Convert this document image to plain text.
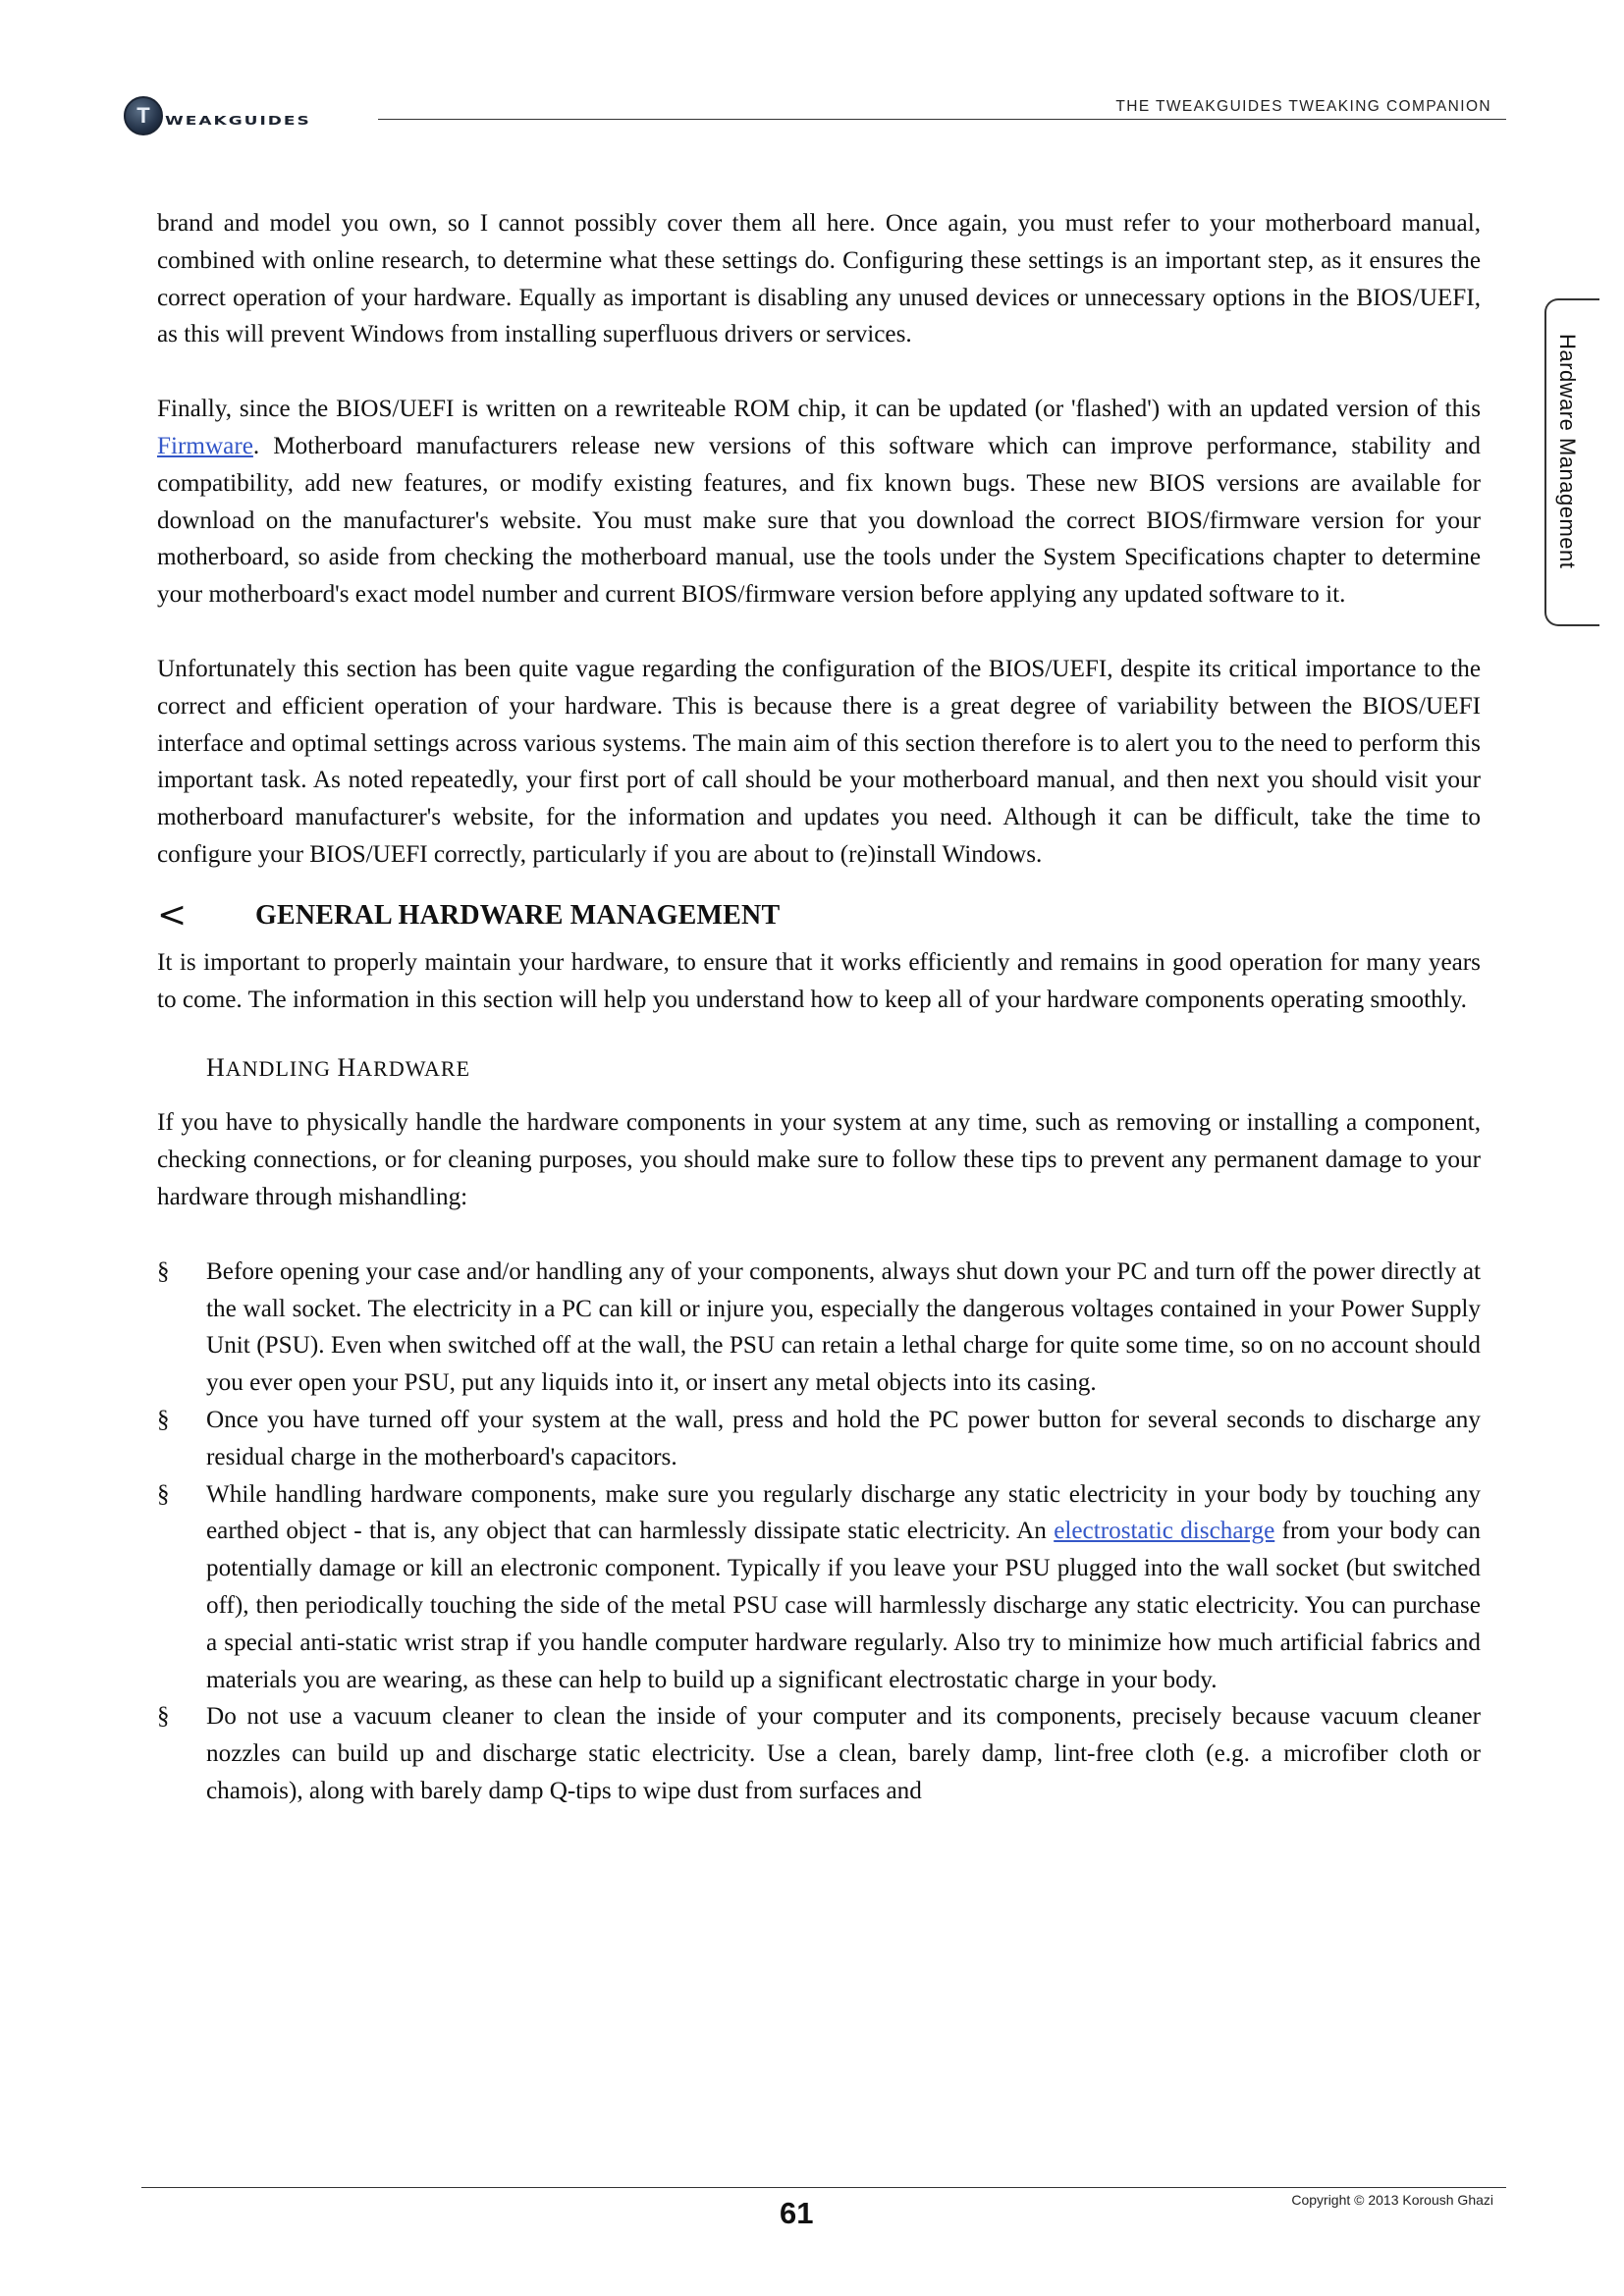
T WEAKGUIDES
THE TWEAKGUIDES TWEAKING COMPANION
Hardware Management

brand and model you own, so I cannot possibly cover them all here. Once again, you must refer to your motherboard manual, combined with online research, to determine what these settings do. Configuring these settings is an important step, as it ensures the correct operation of your hardware. Equally as important is disabling any unused devices or unnecessary options in the BIOS/UEFI, as this will prevent Windows from installing superfluous drivers or services.

Finally, since the BIOS/UEFI is written on a rewriteable ROM chip, it can be updated (or 'flashed') with an updated version of this Firmware. Motherboard manufacturers release new versions of this software which can improve performance, stability and compatibility, add new features, or modify existing features, and fix known bugs. These new BIOS versions are available for download on the manufacturer's website. You must make sure that you download the correct BIOS/firmware version for your motherboard, so aside from checking the motherboard manual, use the tools under the System Specifications chapter to determine your motherboard's exact model number and current BIOS/firmware version before applying any updated software to it.

Unfortunately this section has been quite vague regarding the configuration of the BIOS/UEFI, despite its critical importance to the correct and efficient operation of your hardware. This is because there is a great degree of variability between the BIOS/UEFI interface and optimal settings across various systems. The main aim of this section therefore is to alert you to the need to perform this important task. As noted repeatedly, your first port of call should be your motherboard manual, and then next you should visit your motherboard manufacturer's website, for the information and updates you need. Although it can be difficult, take the time to configure your BIOS/UEFI correctly, particularly if you are about to (re)install Windows.

<	GENERAL HARDWARE MANAGEMENT

It is important to properly maintain your hardware, to ensure that it works efficiently and remains in good operation for many years to come. The information in this section will help you understand how to keep all of your hardware components operating smoothly.

HANDLING HARDWARE

If you have to physically handle the hardware components in your system at any time, such as removing or installing a component, checking connections, or for cleaning purposes, you should make sure to follow these tips to prevent any permanent damage to your hardware through mishandling:

§ Before opening your case and/or handling any of your components, always shut down your PC and turn off the power directly at the wall socket. The electricity in a PC can kill or injure you, especially the dangerous voltages contained in your Power Supply Unit (PSU). Even when switched off at the wall, the PSU can retain a lethal charge for quite some time, so on no account should you ever open your PSU, put any liquids into it, or insert any metal objects into its casing.

§ Once you have turned off your system at the wall, press and hold the PC power button for several seconds to discharge any residual charge in the motherboard's capacitors.

§ While handling hardware components, make sure you regularly discharge any static electricity in your body by touching any earthed object - that is, any object that can harmlessly dissipate static electricity. An electrostatic discharge from your body can potentially damage or kill an electronic component. Typically if you leave your PSU plugged into the wall socket (but switched off), then periodically touching the side of the metal PSU case will harmlessly discharge any static electricity. You can purchase a special anti-static wrist strap if you handle computer hardware regularly. Also try to minimize how much artificial fabrics and materials you are wearing, as these can help to build up a significant electrostatic charge in your body.

§ Do not use a vacuum cleaner to clean the inside of your computer and its components, precisely because vacuum cleaner nozzles can build up and discharge static electricity. Use a clean, barely damp, lint-free cloth (e.g. a microfiber cloth or chamois), along with barely damp Q-tips to wipe dust from surfaces and

Copyright © 2013 Koroush Ghazi
61
